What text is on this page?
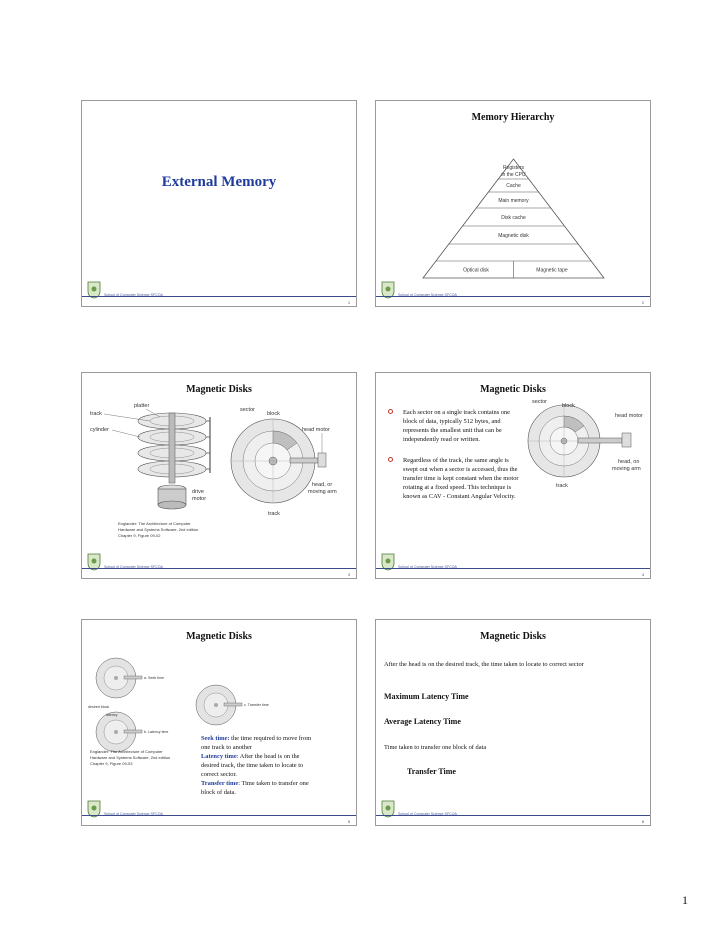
External Memory
School of Computer Science SFCOA
1
Memory Hierarchy
Registers
in the CPU
Cache
Main memory
Disk cache
Magnetic disk
Optical disk	Magnetic tape
School of Computer Science SFCOA
2
Magnetic Disks
platter
track
cylinder
drive
motor
sector
block
head motor
head, or
moving arm
track
Englander: The Architecture of Computer
Hardware and Systems Software, 2nd edition
Chapter 9, Figure 09-02
School of Computer Science SFCOA
3
Magnetic Disks
Each sector on a single track contains one block of data, typically 512 bytes, and represents the smallest unit that can be independently read or written.
Regardless of the track, the same angle is swept out when a sector is accessed, thus the transfer time is kept constant when the motor rotating at a fixed speed. This technique is known as CAV - Constant Angular Velocity.
sector
block
head motor
head, on
moving arm
track
School of Computer Science SFCOA
4
Magnetic Disks
a. Seek time
c. Transfer time
desired block
latency
b. Latency time
Englander: The Architecture of Computer
Hardware and Systems Software, 2nd edition
Chapter 9, Figure 09-03
Seek time: the time required to move from one track to another
Latency time: After the head is on the desired track, the time taken to locate to correct sector.
Transfer time: Time taken to transfer one block of data.
School of Computer Science SFCOA
5
Magnetic Disks
After the head is on the desired track, the time taken to locate to correct sector
Maximum Latency Time
Average Latency Time
Time taken to transfer one block of data
Transfer Time
School of Computer Science SFCOA
6
1
